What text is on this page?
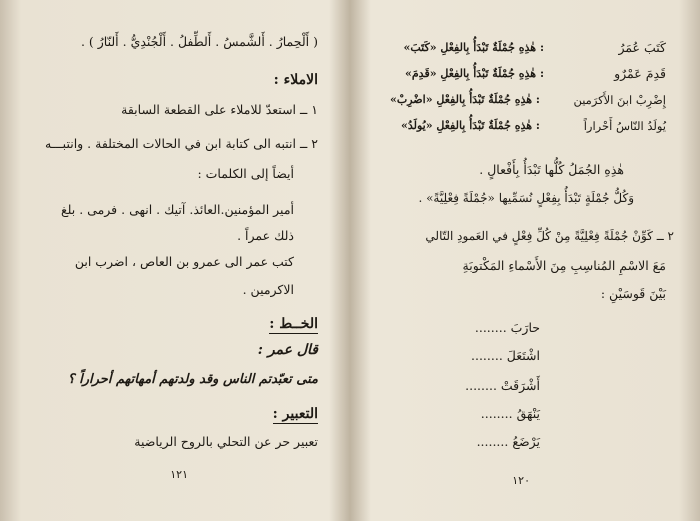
( أَلْحِمارُ . أَلشَّمسُ . أَلطِّفلُ . أَلْجُنْدِيُّ . أَلنّارُ ) .
الاملاء :
١ ــ استعدّ للاملاء على القطعة السابقة
٢ ــ انتبه الى كتابة ابن في الحالات المختلفة . وانتبـــه
أيضاً إلى الكلمات :
أمير المؤمنين.العائذ. آتيك . انهى . فرمى . بلغ
ذلك عمراً .
كتب عمر الى عمرو بن العاص ، اضرب ابن
الاكرمين .
الخــط :
قال عمر :
متى تعبّدتم الناس وقد ولدتهم أمهاتهم أحراراً ؟
التعبير :
تعبير حر عن التحلي بالروح الرياضية
١٢١
كَتَبَ عُمَرُ
: هٰذِهِ جُمْلَةٌ تَبْدَأُ بِالفِعْلِ «كَتَبَ»
قَدِمَ عَمْرٌو
: هٰذِهِ جُمْلَةٌ تَبْدَأُ بِالفِعْلِ «قَدِمَ»
إِضْرِبْ ابنَ الأَكرَمين
: هٰذِهِ جُمْلَةٌ تَبْدَأُ بِالفِعْلِ «اضْرِبْ»
يُولَدُ النّاسُ أَحْراراً
: هٰذِهِ جُمْلَةٌ تَبْدَأُ بِالفِعْلِ «يُولَدُ»
هٰذِهِ الجُمَلُ كُلُّها تَبْدَأُ بِأَفْعالٍ .
وَكُلُّ جُمْلَةٍ تَبْدَأُ بِفِعْلٍ نُسَمِّيها «جُمْلَةً فِعْلِيَّةً» .
٢ ــ كَوِّنْ جُمْلَةً فِعْلِيَّةً مِنْ كُلِّ فِعْلٍ في العَمودِ التّالي
مَعَ الاسْمِ المُناسِبِ مِنَ الأَسْماءِ المَكْتوبَةِ
بَيْنَ قَوسَيْنِ :
حارَبَ ........
اشْتَعَلَ ........
أَشْرَقَتْ ........
يَنْهَقُ ........
يَرْضَعُ ........
١٢٠
